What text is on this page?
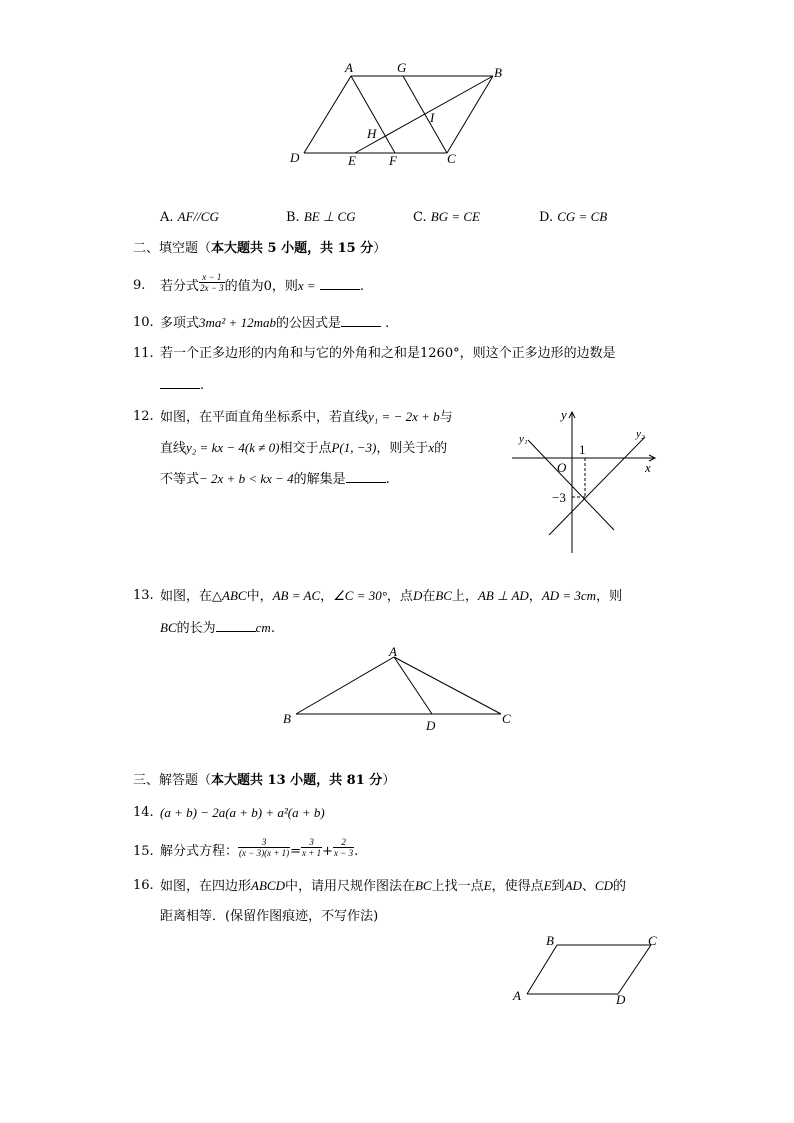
A	G	B
D	E	F	C
H
I
A. AF//CG	B. BE ⊥ CG	C. BG = CE	D. CG = CB
二、填空题（本大题共 5 小题，共 15 分）
9. 若分式 $\frac{x - 1}{2x - 3}$ 的值为0，则x =	.
10. 多项式3ma² + 12mab的公因式是	.
11. 若一个正多边形的内角和与它的外角和之和是1260°，则这个正多边形的边数是
.
12. 如图，在平面直角坐标系中，若直线y₁ = − 2x + b与
直线y₂ = kx − 4(k ≠ 0)相交于点P(1, −3)，则关于x的
不等式− 2x + b < kx − 4的解集是	.
y
x
y₁	y₂
1
O
−3
13. 如图，在△ABC中，AB = AC，∠C = 30°，点D在BC上，AB ⊥ AD，AD = 3cm，则
BC的长为	cm.
A
B	D	C
三、解答题（本大题共 13 小题，共 81 分）
14. (a + b) − 2a(a + b) + a²(a + b)
15. 解分式方程： $\frac{3}{(x - 3)(x + 1)} = \frac{3}{x + 1} + \frac{2}{x - 3}$ .
16. 如图，在四边形ABCD中，请用尺规作图法在BC上找一点E，使得点E到AD、CD的
距离相等．(保留作图痕迹，不写作法)
B	C
A	D
